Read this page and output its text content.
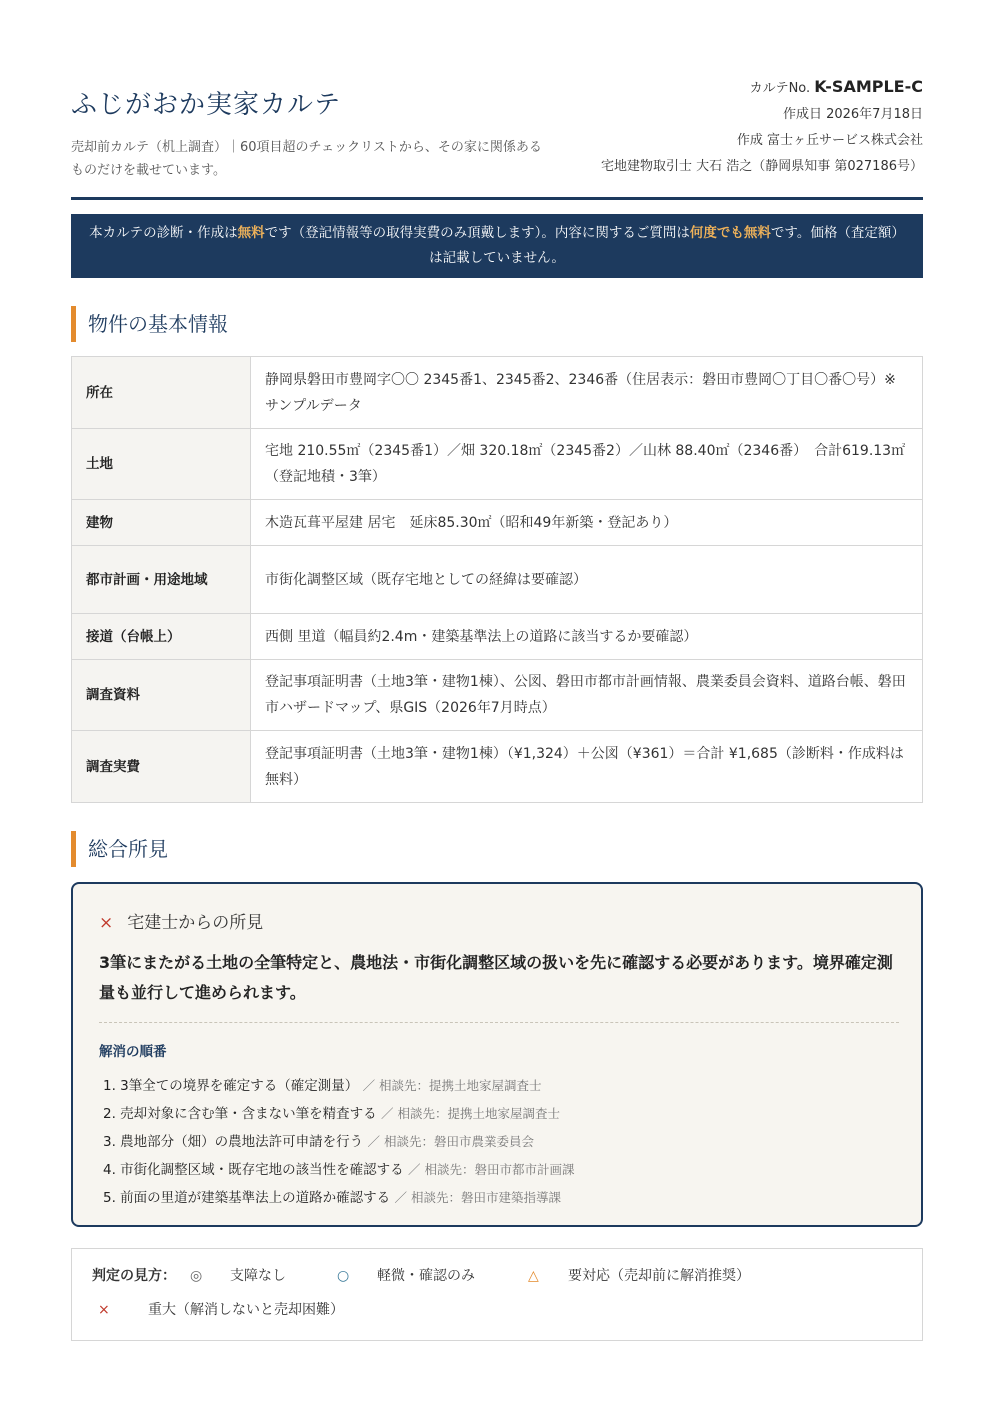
ふじがおか実家カルテ
売却前カルテ（机上調査）｜60項目超のチェックリストから、その家に関係あるものだけを載せています。
カルテNo. K-SAMPLE-C
作成日 2026年7月18日
作成 富士ヶ丘サービス株式会社
宅地建物取引士 大石 浩之（静岡県知事 第027186号）
本カルテの診断・作成は無料です（登記情報等の取得実費のみ頂戴します）。内容に関するご質問は何度でも無料です。価格（査定額）は記載していません。
物件の基本情報
所在	静岡県磐田市豊岡字〇〇 2345番1、2345番2、2346番（住居表示：磐田市豊岡〇丁目〇番〇号）※サンプルデータ
土地	宅地 210.55㎡（2345番1）／畑 320.18㎡（2345番2）／山林 88.40㎡（2346番）　合計619.13㎡（登記地積・3筆）
建物	木造瓦葺平屋建 居宅　延床85.30㎡（昭和49年新築・登記あり）
都市計画・用途地域	市街化調整区域（既存宅地としての経緯は要確認）
接道（台帳上）	西側 里道（幅員約2.4m・建築基準法上の道路に該当するか要確認）
調査資料	登記事項証明書（土地3筆・建物1棟）、公図、磐田市都市計画情報、農業委員会資料、道路台帳、磐田市ハザードマップ、県GIS（2026年7月時点）
調査実費	登記事項証明書（土地3筆・建物1棟）（¥1,324）＋公図（¥361）＝合計 ¥1,685（診断料・作成料は無料）
総合所見
× 宅建士からの所見
3筆にまたがる土地の全筆特定と、農地法・市街化調整区域の扱いを先に確認する必要があります。境界確定測量も並行して進められます。
解消の順番
1. 3筆全ての境界を確定する（確定測量） ／ 相談先：提携土地家屋調査士
2. 売却対象に含む筆・含まない筆を精査する ／ 相談先：提携土地家屋調査士
3. 農地部分（畑）の農地法許可申請を行う ／ 相談先：磐田市農業委員会
4. 市街化調整区域・既存宅地の該当性を確認する ／ 相談先：磐田市都市計画課
5. 前面の里道が建築基準法上の道路か確認する ／ 相談先：磐田市建築指導課
判定の見方： ◎ 支障なし	○ 軽微・確認のみ	△ 要対応（売却前に解消推奨）
×	重大（解消しないと売却困難）
